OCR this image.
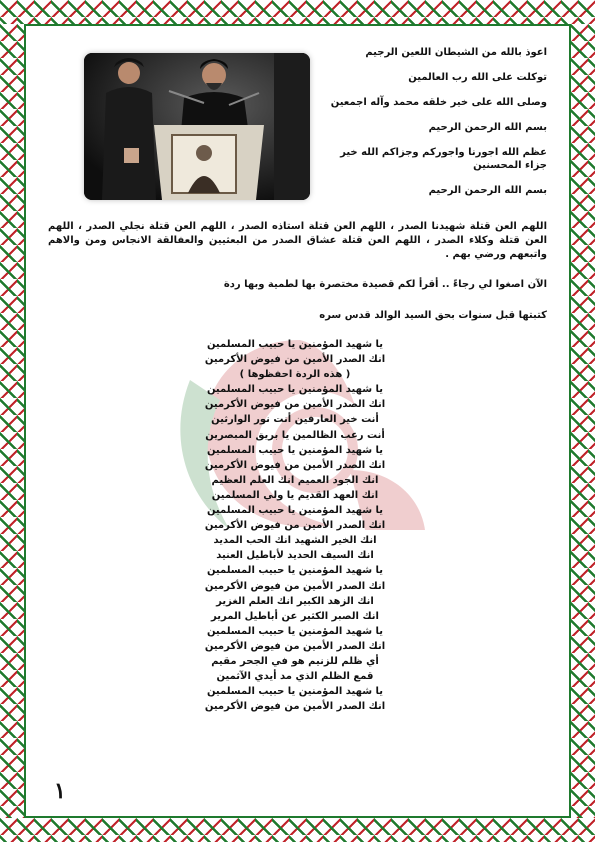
اعوذ بالله من الشيطان اللعين الرجيم

توكلت على الله رب العالمين

وصلى الله على خير خلقه محمد وآله اجمعين

بسم الله الرحمن الرحيم

عظم الله اجورنا واجوركم وجزاكم الله خير جزاء المحسنين

بسم الله الرحمن الرحيم

اللهم العن قتلة شهيدنا الصدر ، اللهم العن قتلة استاذه الصدر ، اللهم العن قتلة نجلي الصدر ، اللهم العن قتلة وكلاء الصدر ، اللهم العن قتلة عشاق الصدر من البعثيين والعفالقة الانجاس ومن والاهم واتبعهم ورضي بهم .

الآن اصغوا لي رجاءً .. أقرأ لكم قصيدة مختصرة بها لطمية وبها ردة

كتبتها قبل سنوات بحق السيد الوالد قدس سره

يا شهيد المؤمنين يا حبيب المسلمين
انك الصدر الأمين من فيوض الأكرمين
( هذه الردة احفظوها )
يا شهيد المؤمنين يا حبيب المسلمين
انك الصدر الأمين من فيوض الأكرمين
أنت خير العارفين أنت نور الوارثين
أنت رعب الظالمين يا بريق المبصرين
يا شهيد المؤمنين يا حبيب المسلمين
انك الصدر الأمين من فيوض الأكرمين
انك الجود العميم انك العلم العظيم
انك العهد القديم يا ولي المسلمين
يا شهيد المؤمنين يا حبيب المسلمين
انك الصدر الأمين من فيوض الأكرمين
انك الخير الشهيد انك الحب المديد
انك السيف الحديد لأباطيل العنيد
يا شهيد المؤمنين يا حبيب المسلمين
انك الصدر الأمين من فيوض الأكرمين
انك الزهد الكبير انك العلم الغزير
انك الصبر الكثير عن أباطيل المرير
يا شهيد المؤمنين يا حبيب المسلمين
انك الصدر الأمين من فيوض الأكرمين
أي ظلم للزنيم هو في الجحر مقيم
قمع الظلم الذي مد أيدي الآثمين
يا شهيد المؤمنين يا حبيب المسلمين
انك الصدر الأمين من فيوض الأكرمين
١
